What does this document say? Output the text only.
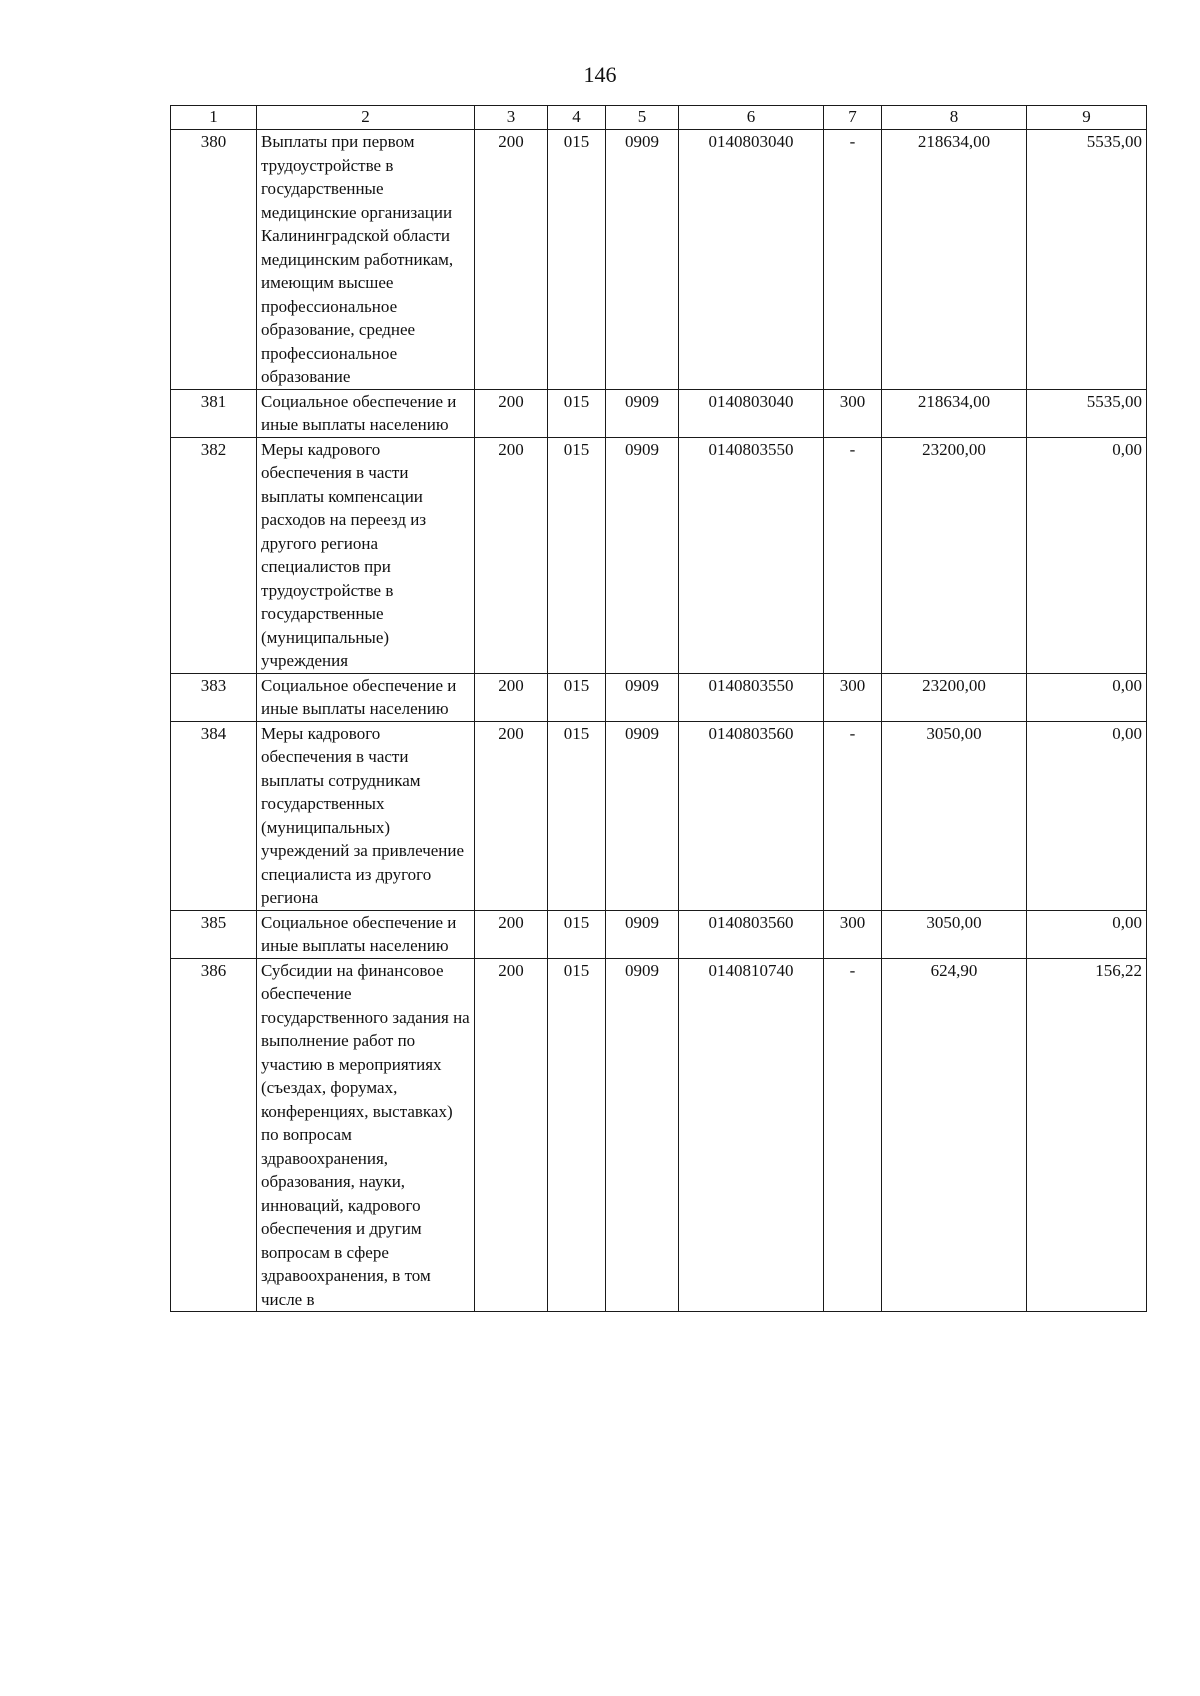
146
1	2	3	4	5	6	7	8	9
380	Выплаты при первом трудоустройстве в государственные медицинские организации Калининградской области медицинским работникам, имеющим высшее профессиональное образование, среднее профессиональное образование	200	015	0909	0140803040	-	218634,00	5535,00
381	Социальное обеспечение и иные выплаты населению	200	015	0909	0140803040	300	218634,00	5535,00
382	Меры кадрового обеспечения в части выплаты компенсации расходов на переезд из другого региона специалистов при трудоустройстве в государственные (муниципальные) учреждения	200	015	0909	0140803550	-	23200,00	0,00
383	Социальное обеспечение и иные выплаты населению	200	015	0909	0140803550	300	23200,00	0,00
384	Меры кадрового обеспечения в части выплаты сотрудникам государственных (муниципальных) учреждений за привлечение специалиста из другого региона	200	015	0909	0140803560	-	3050,00	0,00
385	Социальное обеспечение и иные выплаты населению	200	015	0909	0140803560	300	3050,00	0,00
386	Субсидии на финансовое обеспечение государственного задания на выполнение работ по участию в мероприятиях (съездах, форумах, конференциях, выставках) по вопросам здравоохранения, образования, науки, инноваций, кадрового обеспечения и другим вопросам в сфере здравоохранения, в том числе в	200	015	0909	0140810740	-	624,90	156,22
